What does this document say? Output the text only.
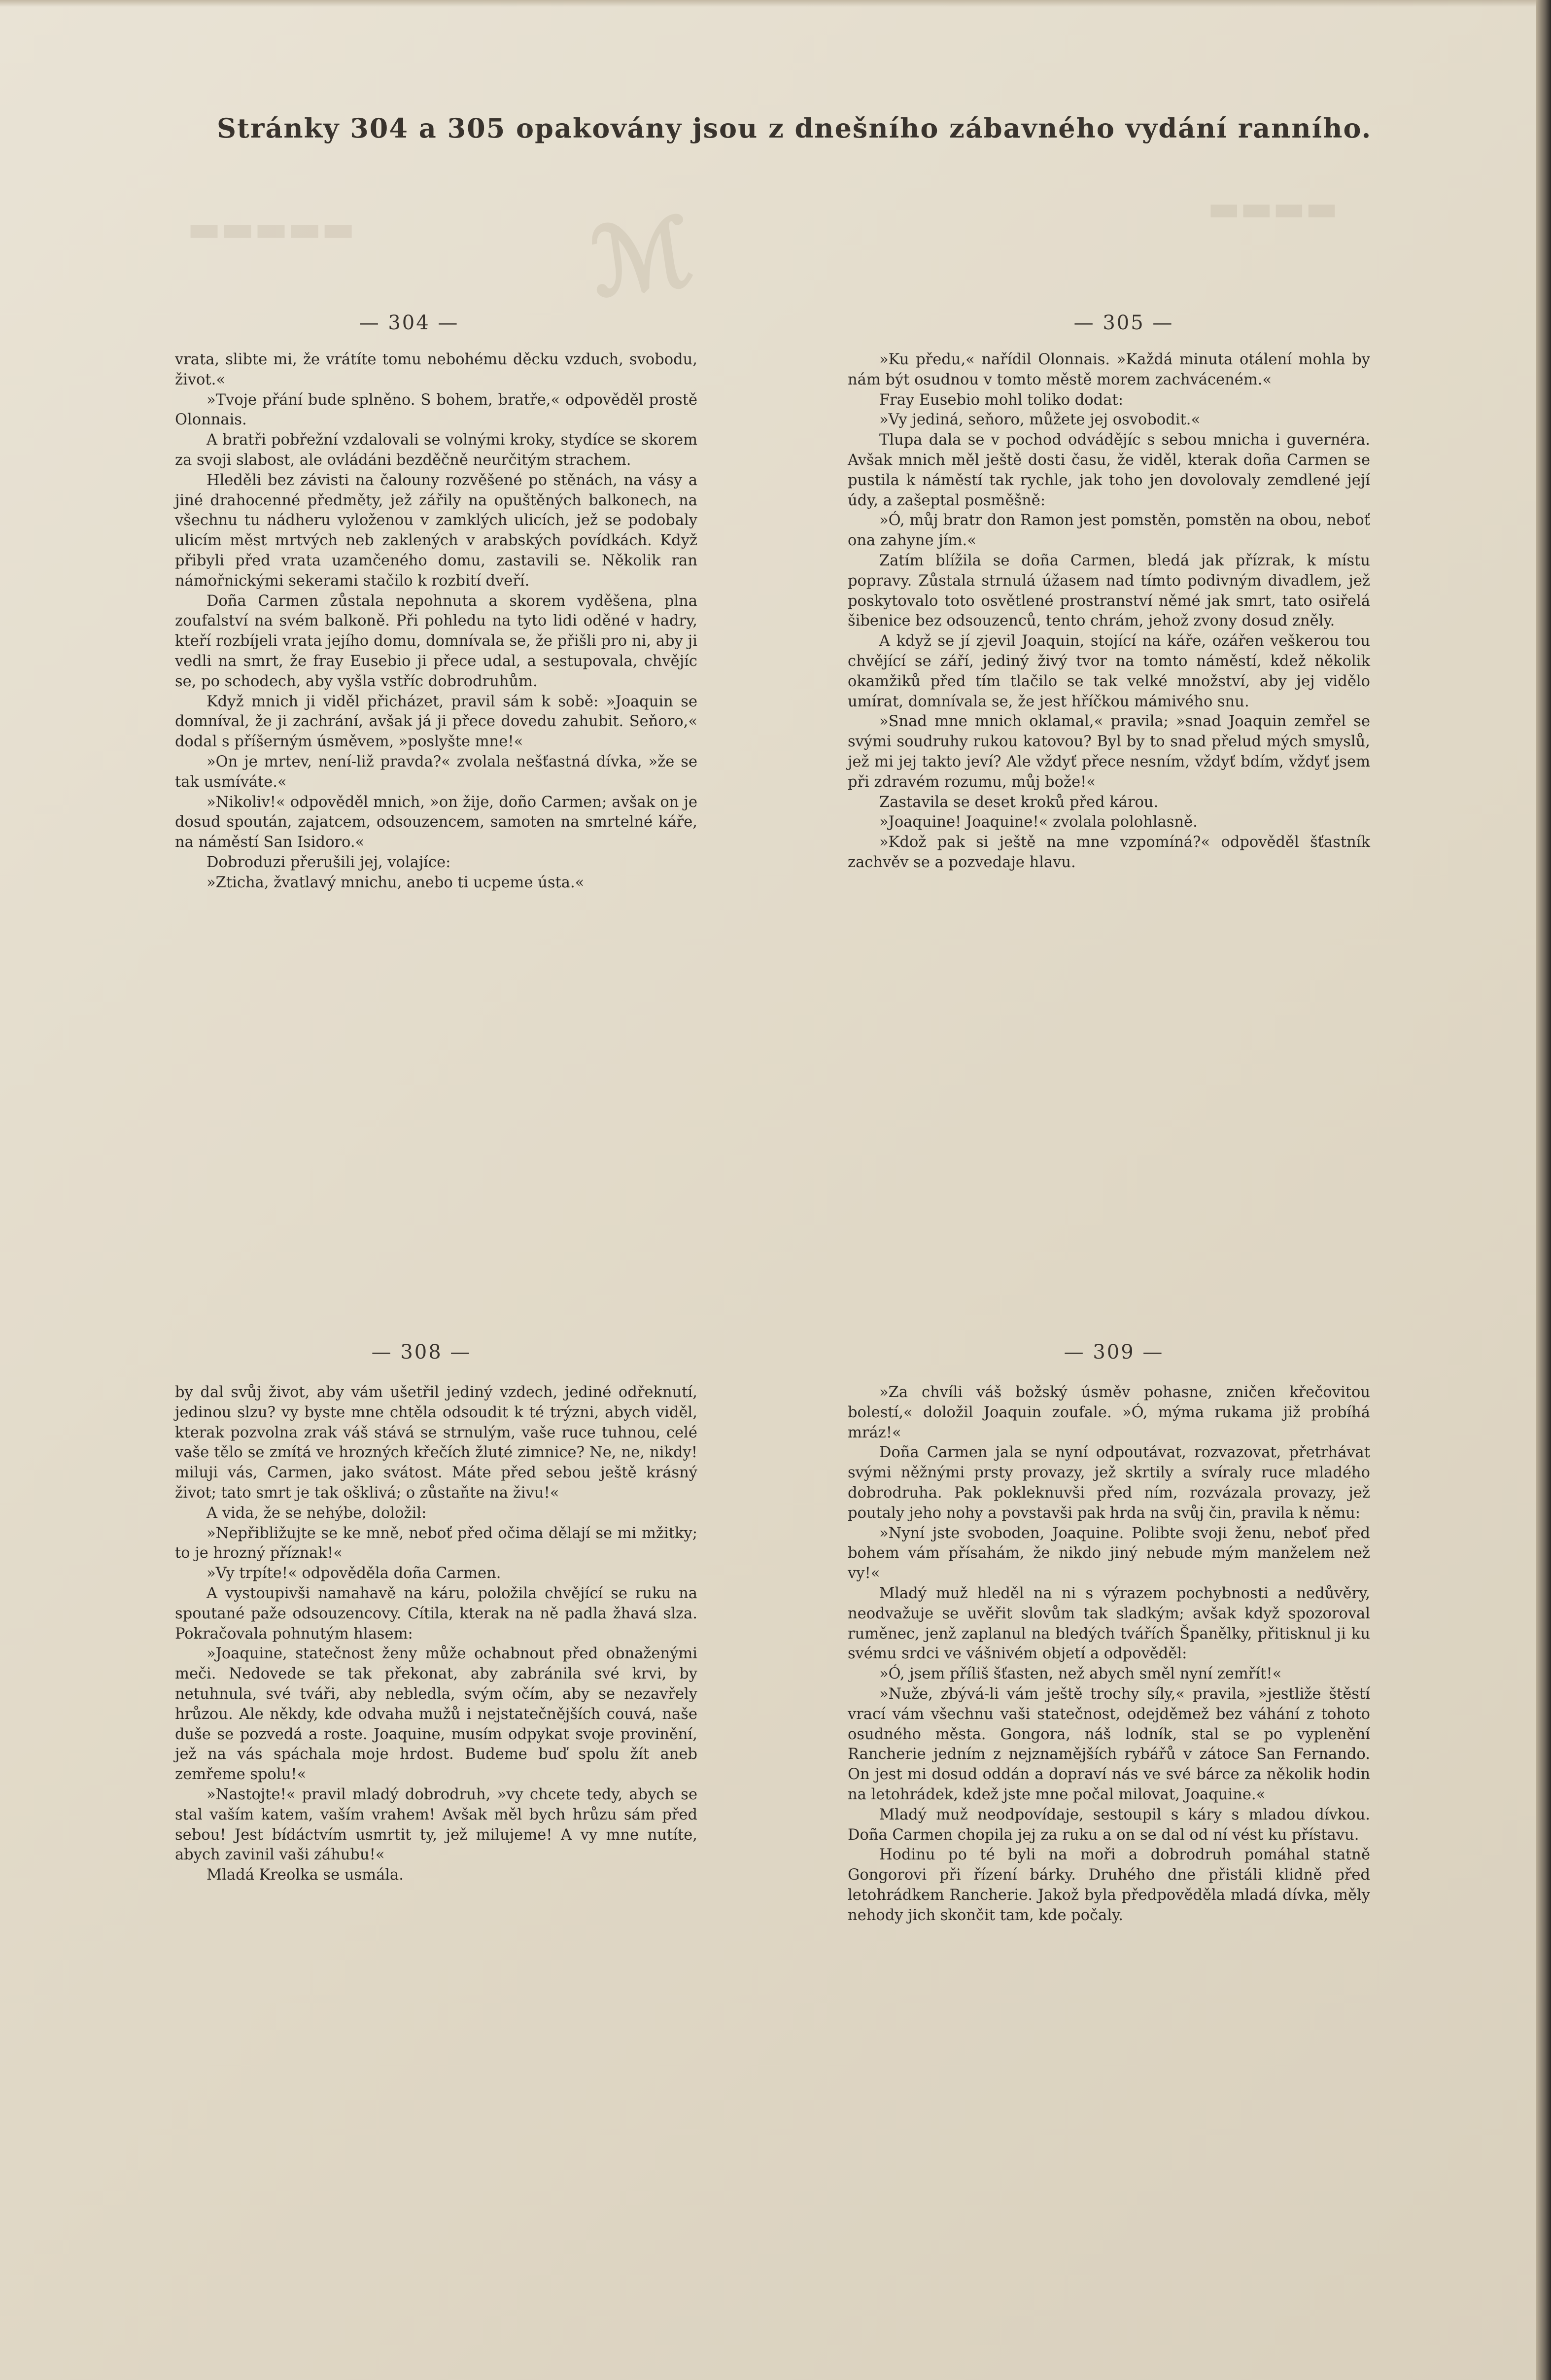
ℳ
▬▬▬▬▬	▬▬▬▬
Stránky 304 a 305 opakovány jsou z dnešního zábavného vydání ranního.
— 304 —

vrata, slibte mi, že vrátíte tomu nebohému děcku vzduch, svobodu, život.«

»Tvoje přání bude splněno. S bohem, bratře,« odpověděl prostě Olonnais.

A bratři pobřežní vzdalovali se volnými kroky, stydíce se skorem za svoji slabost, ale ovládáni bezděčně neurčitým strachem.

Hleděli bez závisti na čalouny rozvěšené po stěnách, na vásy a jiné drahocenné předměty, jež zářily na opuštěných balkonech, na všechnu tu nádheru vyloženou v zamklých ulicích, jež se podobaly ulicím měst mrtvých neb zaklených v arabských povídkách. Když přibyli před vrata uzamčeného domu, zastavili se. Několik ran námořnickými sekerami stačilo k rozbití dveří.

Doña Carmen zůstala nepohnuta a skorem vyděšena, plna zoufalství na svém balkoně. Při pohledu na tyto lidi oděné v hadry, kteří rozbíjeli vrata jejího domu, domnívala se, že přišli pro ni, aby ji vedli na smrt, že fray Eusebio ji přece udal, a sestupovala, chvějíc se, po schodech, aby vyšla vstříc dobrodruhům.

Když mnich ji viděl přicházet, pravil sám k sobě: »Joaquin se domníval, že ji zachrání, avšak já ji přece dovedu zahubit. Seňoro,« dodal s příšerným úsměvem, »poslyšte mne!«

»On je mrtev, není-liž pravda?« zvolala nešťastná dívka, »že se tak usmíváte.«

»Nikoliv!« odpověděl mnich, »on žije, doño Carmen; avšak on je dosud spoután, zajatcem, odsouzencem, samoten na smrtelné káře, na náměstí San Isidoro.«

Dobroduzi přerušili jej, volajíce:

»Zticha, žvatlavý mnichu, anebo ti ucpeme ústa.«

— 305 —

»Ku předu,« nařídil Olonnais. »Každá minuta otálení mohla by nám být osudnou v tomto městě morem zachváceném.«

Fray Eusebio mohl toliko dodat:

»Vy jediná, seňoro, můžete jej osvobodit.«

Tlupa dala se v pochod odvádějíc s sebou mnicha i guvernéra. Avšak mnich měl ještě dosti času, že viděl, kterak doña Carmen se pustila k náměstí tak rychle, jak toho jen dovolovaly zemdlené její údy, a zašeptal posměšně:

»Ó, můj bratr don Ramon jest pomstěn, pomstěn na obou, neboť ona zahyne jím.«

Zatím blížila se doña Carmen, bledá jak přízrak, k místu popravy. Zůstala strnulá úžasem nad tímto podivným divadlem, jež poskytovalo toto osvětlené prostranství němé jak smrt, tato osiřelá šibenice bez odsouzenců, tento chrám, jehož zvony dosud zněly.

A když se jí zjevil Joaquin, stojící na káře, ozářen veškerou tou chvějící se září, jediný živý tvor na tomto náměstí, kdež několik okamžiků před tím tlačilo se tak velké množství, aby jej vidělo umírat, domnívala se, že jest hříčkou mámivého snu.

»Snad mne mnich oklamal,« pravila; »snad Joaquin zemřel se svými soudruhy rukou katovou? Byl by to snad přelud mých smyslů, jež mi jej takto jeví? Ale vždyť přece nesním, vždyť bdím, vždyť jsem při zdravém rozumu, můj bože!«

Zastavila se deset kroků před károu.

»Joaquine! Joaquine!« zvolala polohlasně.

»Kdož pak si ještě na mne vzpomíná?« odpověděl šťastník zachvěv se a pozvedaje hlavu.

— 308 —

by dal svůj život, aby vám ušetřil jediný vzdech, jediné odřeknutí, jedinou slzu? vy byste mne chtěla odsoudit k té trýzni, abych viděl, kterak pozvolna zrak váš stává se strnulým, vaše ruce tuhnou, celé vaše tělo se zmítá ve hrozných křečích žluté zimnice? Ne, ne, nikdy! miluji vás, Carmen, jako svátost. Máte před sebou ještě krásný život; tato smrt je tak ošklivá; o zůstaňte na živu!«

A vida, že se nehýbe, doložil:

»Nepřibližujte se ke mně, neboť před očima dělají se mi mžitky; to je hrozný příznak!«

»Vy trpíte!« odpověděla doña Carmen.

A vystoupivši namahavě na káru, položila chvějící se ruku na spoutané paže odsouzencovy. Cítila, kterak na ně padla žhavá slza. Pokračovala pohnutým hlasem:

»Joaquine, statečnost ženy může ochabnout před obnaženými meči. Nedovede se tak překonat, aby zabránila své krvi, by netuhnula, své tváři, aby nebledla, svým očím, aby se nezavřely hrůzou. Ale někdy, kde odvaha mužů i nejstatečnějších couvá, naše duše se pozvedá a roste. Joaquine, musím odpykat svoje provinění, jež na vás spáchala moje hrdost. Budeme buď spolu žít aneb zemřeme spolu!«

»Nastojte!« pravil mladý dobrodruh, »vy chcete tedy, abych se stal vaším katem, vaším vrahem! Avšak měl bych hrůzu sám před sebou! Jest bídáctvím usmrtit ty, jež milujeme! A vy mne nutíte, abych zavinil vaši záhubu!«

Mladá Kreolka se usmála.

— 309 —

»Za chvíli váš božský úsměv pohasne, zničen křečovitou bolestí,« doložil Joaquin zoufale. »Ó, mýma rukama již probíhá mráz!«

Doña Carmen jala se nyní odpoutávat, rozvazovat, přetrhávat svými něžnými prsty provazy, jež skrtily a svíraly ruce mladého dobrodruha. Pak pokleknuvši před ním, rozvázala provazy, jež poutaly jeho nohy a povstavši pak hrda na svůj čin, pravila k němu:

»Nyní jste svoboden, Joaquine. Polibte svoji ženu, neboť před bohem vám přísahám, že nikdo jiný nebude mým manželem než vy!«

Mladý muž hleděl na ni s výrazem pochybnosti a nedůvěry, neodvažuje se uvěřit slovům tak sladkým; avšak když spozoroval ruměnec, jenž zaplanul na bledých tvářích Španělky, přitisknul ji ku svému srdci ve vášnivém objetí a odpověděl:

»Ó, jsem příliš šťasten, než abych směl nyní zemřít!«

»Nuže, zbývá-li vám ještě trochy síly,« pravila, »jestliže štěstí vrací vám všechnu vaši statečnost, odejděmež bez váhání z tohoto osudného města. Gongora, náš lodník, stal se po vyplenění Rancherie jedním z nejznamějších rybářů v zátoce San Fernando. On jest mi dosud oddán a dopraví nás ve své bárce za několik hodin na letohrádek, kdež jste mne počal milovat, Joaquine.«

Mladý muž neodpovídaje, sestoupil s káry s mladou dívkou. Doña Carmen chopila jej za ruku a on se dal od ní vést ku přístavu.

Hodinu po té byli na moři a dobrodruh pomáhal statně Gongorovi při řízení bárky. Druhého dne přistáli klidně před letohrádkem Rancherie. Jakož byla předpověděla mladá dívka, měly nehody jich skončit tam, kde počaly.
